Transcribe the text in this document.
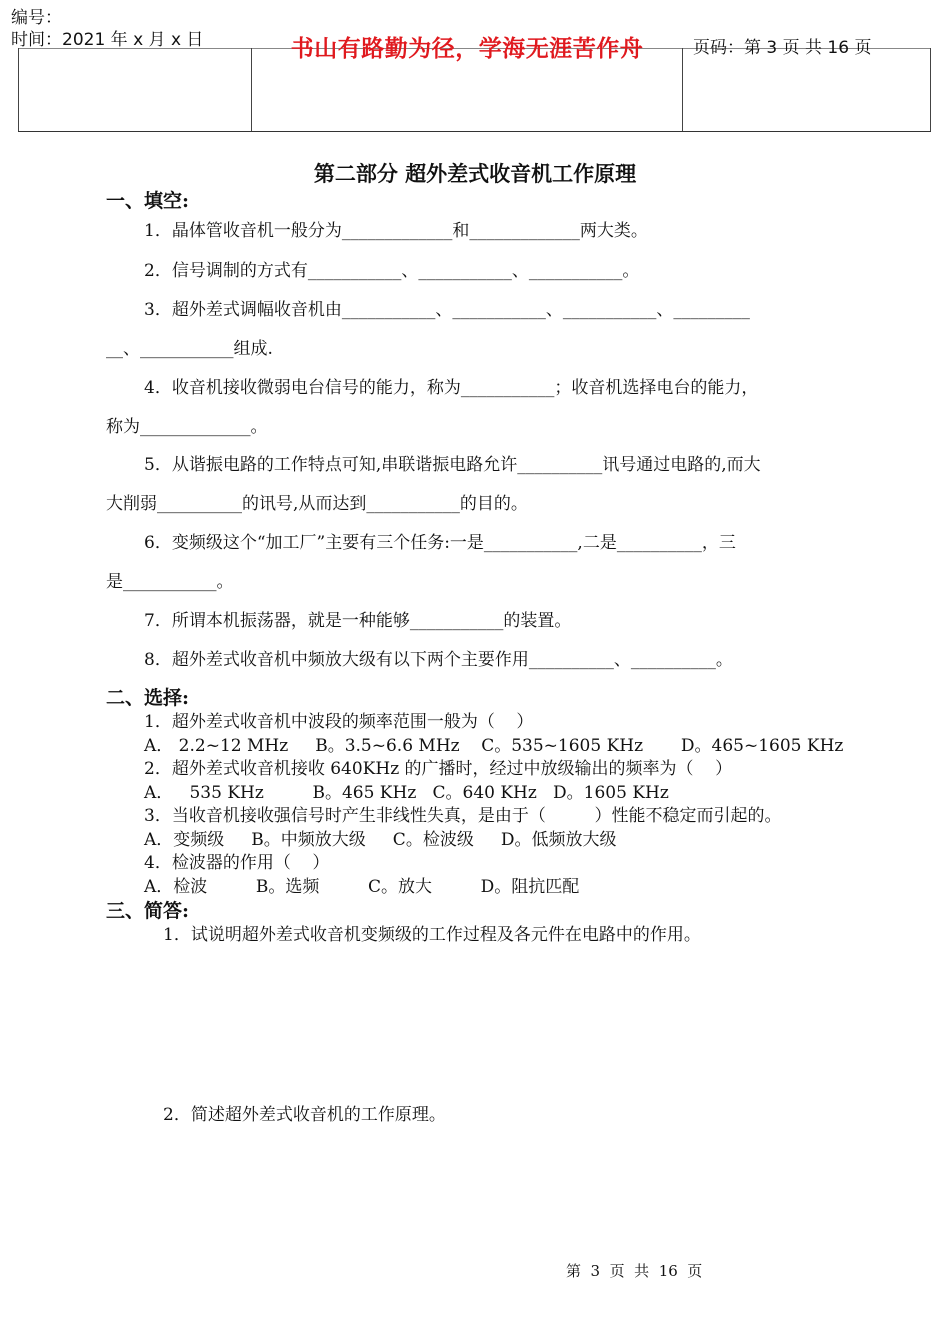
编号：
时间：2021 年 x 月 x 日	书山有路勤为径，学海无涯苦作舟	页码：第 3 页 共 16 页
第二部分 超外差式收音机工作原理
一、填空:
1．晶体管收音机一般分为_____________和_____________两大类。
2．信号调制的方式有___________、___________、___________。
3．超外差式调幅收音机由___________、___________、___________、_________
__、___________组成.
4．收音机接收微弱电台信号的能力，称为___________；收音机选择电台的能力，
称为_____________。
5．从谐振电路的工作特点可知,串联谐振电路允许__________讯号通过电路的,而大
大削弱__________的讯号,从而达到___________的目的。
6．变频级这个“加工厂”主要有三个任务:一是___________,二是__________，三
是___________。
7．所谓本机振荡器，就是一种能够___________的装置。
8．超外差式收音机中频放大级有以下两个主要作用__________、__________。
二、选择:
1．超外差式收音机中波段的频率范围一般为（    ）
A． 2.2~12 MHz     B。3.5~6.6 MHz    C。535~1605 KHz       D。465~1605 KHz
2．超外差式收音机接收 640KHz 的广播时，经过中放级输出的频率为（    ）
A．   535 KHz         B。465 KHz   C。640 KHz   D。1605 KHz
3．当收音机接收强信号时产生非线性失真，是由于（         ）性能不稳定而引起的。
A．变频级     B。中频放大级     C。检波级     D。低频放大级
4．检波器的作用（    ）
A．检波         B。选频         C。放大         D。阻抗匹配
三、简答:
1．试说明超外差式收音机变频级的工作过程及各元件在电路中的作用。
2．简述超外差式收音机的工作原理。
第  3  页  共  16  页
